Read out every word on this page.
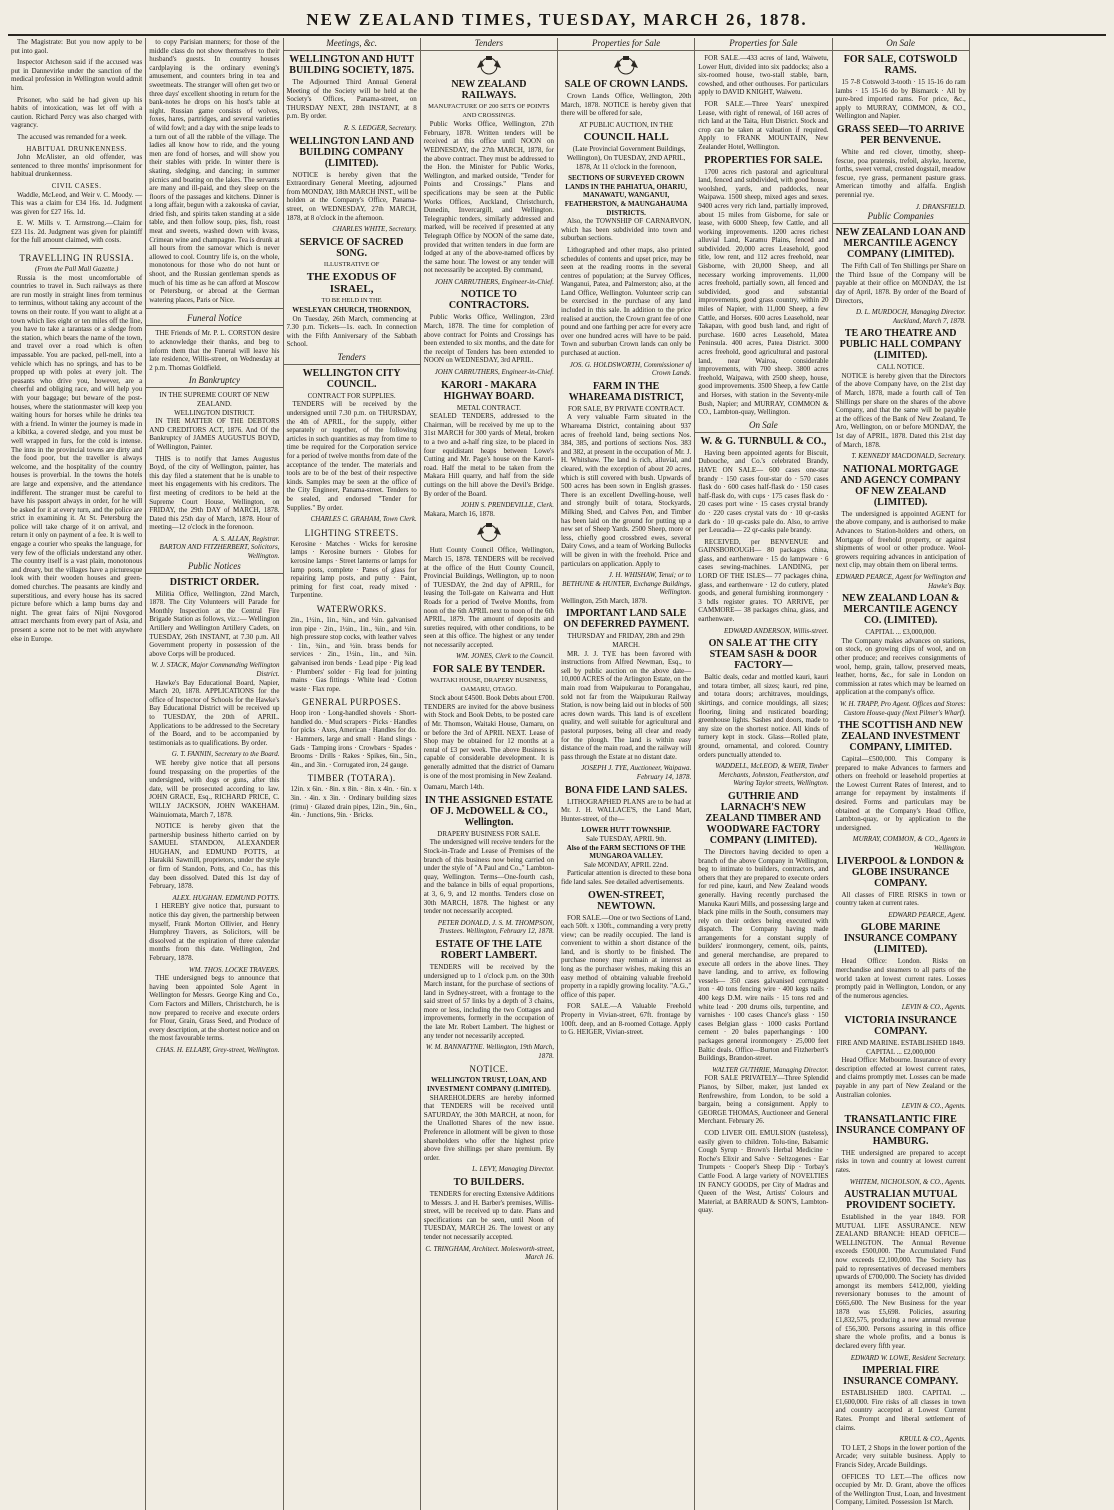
NEW ZEALAND TIMES, TUESDAY, MARCH 26, 1878.

The Magistrate: But you now apply to be put into gaol.

Inspector Atcheson said if the accused was put in Dannevirke under the sanction of the medical profession in Wellington would admit him.

Prisoner, who said he had given up his habits of intoxication, was let off with a caution. Richard Percy was also charged with vagrancy.

The accused was remanded for a week.

HABITUAL DRUNKENNESS.

John McAlister, an old offender, was sentenced to three months' imprisonment for habitual drunkenness.

CIVIL CASES.

Waddle, McLeod, and Weir v. C. Moody. —This was a claim for £34 16s. 1d. Judgment was given for £27 16s. 1d.

E. W. Mills v. T. Armstrong.—Claim for £23 11s. 2d. Judgment was given for plaintiff for the full amount claimed, with costs.

TRAVELLING IN RUSSIA.
(From the Pall Mall Gazette.)

Russia is the most uncomfortable of countries to travel in. Such railways as there are run mostly in straight lines from terminus to terminus, without taking any account of the towns on their route. If you want to alight at a town which lies eight or ten miles off the line, you have to take a tarantass or a sledge from the station, which bears the name of the town, and travel over a road which is often impassable. You are packed, pell-mell, into a vehicle which has no springs, and has to be propped up with poles at every jolt. The peasants who drive you, however, are a cheerful and obliging race, and will help you with your baggage; but beware of the post-houses, where the stationmaster will keep you waiting hours for horses while he drinks tea with a friend. In winter the journey is made in a kibitka, a covered sledge, and you must be well wrapped in furs, for the cold is intense. The inns in the provincial towns are dirty and the food poor, but the traveller is always welcome, and the hospitality of the country houses is proverbial. In the towns the hotels are large and expensive, and the attendance indifferent. The stranger must be careful to have his passport always in order, for he will be asked for it at every turn, and the police are strict in examining it. At St. Petersburg the police will take charge of it on arrival, and return it only on payment of a fee. It is well to engage a courier who speaks the language, for very few of the officials understand any other. The country itself is a vast plain, monotonous and dreary, but the villages have a picturesque look with their wooden houses and green-domed churches. The peasants are kindly and superstitious, and every house has its sacred picture before which a lamp burns day and night. The great fairs of Nijni Novgorod attract merchants from every part of Asia, and present a scene not to be met with anywhere else in Europe.

to copy Parisian manners; for those of the middle class do not show themselves to their husband's guests. In country houses cardplaying is the ordinary evening's amusement, and counters bring in tea and sweetmeats. The stranger will often get two or three days' excellent shooting in return for the bank-notes he drops on his host's table at night. Russian game consists of wolves, foxes, hares, partridges, and several varieties of wild fowl; and a day with the snipe leads to a turn out of all the rabble of the village. The ladies all know how to ride, and the young men are fond of horses, and will show you their stables with pride. In winter there is skating, sledging, and dancing; in summer picnics and boating on the lakes. The servants are many and ill-paid, and they sleep on the floors of the passages and kitchens. Dinner is a long affair, begun with a zakouska of caviar, dried fish, and spirits taken standing at a side table, and then follow soup, pies, fish, roast meat and sweets, washed down with kvass, Crimean wine and champagne. Tea is drunk at all hours from the samovar which is never allowed to cool. Country life is, on the whole, monotonous for those who do not hunt or shoot, and the Russian gentleman spends as much of his time as he can afford at Moscow or Petersburg, or abroad at the German watering places, Paris or Nice.

Funeral Notice

THE Friends of Mr. P. L. CORSTON desire to acknowledge their thanks, and beg to inform them that the Funeral will leave his late residence, Willis-street, on Wednesday at 2 p.m. Thomas Goldfield.

In Bankruptcy
IN THE SUPREME COURT OF NEW ZEALAND.
WELLINGTON DISTRICT.

IN THE MATTER OF THE DEBTORS AND CREDITORS ACT, 1876. And Of the Bankruptcy of JAMES AUGUSTUS BOYD, of Wellington, Painter.

THIS is to notify that James Augustus Boyd, of the city of Wellington, painter, has this day filed a statement that he is unable to meet his engagements with his creditors. The first meeting of creditors to be held at the Supreme Court House, Wellington, on FRIDAY, the 29th DAY of MARCH, 1878. Dated this 25th day of March, 1878. Hour of meeting—12 o'clock in the forenoon.

A. S. ALLAN, Registrar.
BARTON AND FITZHERBERT, Solicitors, Wellington.
Public Notices
DISTRICT ORDER.

Militia Office, Wellington, 22nd March, 1878. The City Volunteers will Parade for Monthly Inspection at the Central Fire Brigade Station as follows, viz.:— Wellington Artillery and Wellington Artillery Cadets, on TUESDAY, 26th INSTANT, at 7.30 p.m. All Government property in possession of the above Corps will be produced.

W. J. STACK, Major Commanding Wellington District.

Hawke's Bay Educational Board, Napier, March 20, 1878. APPLICATIONS for the office of Inspector of Schools for the Hawke's Bay Educational District will be received up to TUESDAY, the 20th of APRIL. Applications to be addressed to the Secretary of the Board, and to be accompanied by testimonials as to qualifications. By order.

G. T. FANNIN, Secretary to the Board.

WE hereby give notice that all persons found trespassing on the properties of the undersigned, with dogs or guns, after this date, will be prosecuted according to law. JOHN GRACE, Esq., RICHARD PRICE, C. WILLY JACKSON, JOHN WAKEHAM. Wainuiomata, March 7, 1878.

NOTICE is hereby given that the partnership business hitherto carried on by SAMUEL STANDON, ALEXANDER HUGHAN, and EDMUND POTTS, at Harakiki Sawmill, proprietors, under the style or firm of Standon, Potts, and Co., has this day been dissolved. Dated this 1st day of February, 1878.

ALEX. HUGHAN. EDMUND POTTS.

I HEREBY give notice that, pursuant to notice this day given, the partnership between myself, Frank Morton Ollivier, and Henry Humphrey Travers, as Solicitors, will be dissolved at the expiration of three calendar months from this date. Wellington, 2nd February, 1878.

WM. THOS. LOCKE TRAVERS.

THE undersigned begs to announce that having been appointed Sole Agent in Wellington for Messrs. George King and Co., Corn Factors and Millers, Christchurch, he is now prepared to receive and execute orders for Flour, Grain, Grass Seed, and Produce of every description, at the shortest notice and on the most favourable terms.

CHAS. H. ELLABY, Grey-street, Wellington.
Meetings, &c.
WELLINGTON AND HUTT BUILDING SOCIETY, 1875.

The Adjourned Third Annual General Meeting of the Society will be held at the Society's Offices, Panama-street, on THURSDAY NEXT, 28th INSTANT, at 8 p.m. By order.

R. S. LEDGER, Secretary.
WELLINGTON LAND AND BUILDING COMPANY (LIMITED).

NOTICE is hereby given that the Extraordinary General Meeting, adjourned from MONDAY, 18th MARCH INST., will be holden at the Company's Office, Panama-street, on WEDNESDAY, 27th MARCH, 1878, at 8 o'clock in the afternoon.

CHARLES WHITE, Secretary.
SERVICE OF SACRED SONG.
ILLUSTRATIVE OF
THE EXODUS OF ISRAEL,
TO BE HELD IN THE
WESLEYAN CHURCH, THORNDON,

On Tuesday, 26th March, commencing at 7.30 p.m. Tickets—1s. each. In connection with the Fifth Anniversary of the Sabbath School.

Tenders
WELLINGTON CITY COUNCIL.
CONTRACT FOR SUPPLIES.

TENDERS will be received by the undersigned until 7.30 p.m. on THURSDAY, the 4th of APRIL, for the supply, either separately or together, of the following articles in such quantities as may from time to time be required for the Corporation service for a period of twelve months from date of the acceptance of the tender. The materials and tools are to be of the best of their respective kinds. Samples may be seen at the office of the City Engineer, Panama-street. Tenders to be sealed, and endorsed "Tender for Supplies." By order.

CHARLES C. GRAHAM, Town Clerk.
LIGHTING STREETS.

Kerosine · Matches · Wicks for kerosine lamps · Kerosine burners · Globes for kerosine lamps · Street lanterns or lamps for lamp posts, complete · Panes of glass for repairing lamp posts, and putty · Paint, priming for first coat, ready mixed · Turpentine.

WATERWORKS.

2in., 1½in., 1in., ¾in., and ½in. galvanised iron pipe · 2in., 1½in., 1in., ¾in., and ½in. high pressure stop cocks, with leather valves · 1in., ¾in., and ½in. brass bends for services · 2in., 1½in., 1in., and ¾in. galvanised iron bends · Lead pipe · Pig lead · Plumbers' solder · Fig lead for jointing mains · Gas fittings · White lead · Cotton waste · Flax rope.

GENERAL PURPOSES.

Hoop iron · Long-handled shovels · Short-handled do. · Mud scrapers · Picks · Handles for picks · Axes, American · Handles for do. · Hammers, large and small · Hand slings · Gads · Tamping irons · Crowbars · Spades · Brooms · Drills · Rakes · Spikes, 6in., 5in., 4in., and 3in. · Corrugated iron, 24 gauge.

TIMBER (TOTARA).

12in. x 6in. · 8in. x 8in. · 8in. x 4in. · 6in. x 3in. · 4in. x 3in. · Ordinary building sizes (rimu) · Glazed drain pipes, 12in., 9in., 6in., 4in. · Junctions, 9in. · Bricks.

Tenders
NEW ZEALAND RAILWAYS.
MANUFACTURE OF 200 SETS OF POINTS AND CROSSINGS.

Public Works Office, Wellington, 27th February, 1878. Written tenders will be received at this office until NOON on WEDNESDAY, the 27th MARCH, 1878, for the above contract. They must be addressed to the Hon. the Minister for Public Works, Wellington, and marked outside, "Tender for Points and Crossings." Plans and specifications may be seen at the Public Works Offices, Auckland, Christchurch, Dunedin, Invercargill, and Wellington. Telegraphic tenders, similarly addressed and marked, will be received if presented at any Telegraph Office by NOON of the same date, provided that written tenders in due form are lodged at any of the above-named offices by the same hour. The lowest or any tender will not necessarily be accepted. By command,

JOHN CARRUTHERS, Engineer-in-Chief.
NOTICE TO CONTRACTORS.

Public Works Office, Wellington, 23rd March, 1878. The time for completion of above contract for Points and Crossings has been extended to six months, and the date for the receipt of Tenders has been extended to NOON on WEDNESDAY, 3rd APRIL.

JOHN CARRUTHERS, Engineer-in-Chief.
KARORI - MAKARA HIGHWAY BOARD.
METAL CONTRACT.

SEALED TENDERS, addressed to the Chairman, will be received by me up to the 31st MARCH for 300 yards of Metal, broken to a two and a-half ring size, to be placed in four equidistant heaps between Lowe's Cutting and Mr. Page's house on the Karori-road. Half the metal to be taken from the Makara Hill quarry, and half from the side cuttings on the hill above the Devil's Bridge. By order of the Board.

JOHN S. PRENDEVILLE, Clerk.
Makara, March 16, 1878.

Hutt County Council Office, Wellington, March 15, 1878. TENDERS will be received at the office of the Hutt County Council, Provincial Buildings, Wellington, up to noon of TUESDAY, the 2nd day of APRIL, for leasing the Toll-gate on Kaiwarra and Hutt Roads for a period of Twelve Months, from noon of the 6th APRIL next to noon of the 6th APRIL, 1879. The amount of deposits and sureties required, with other conditions, to be seen at this office. The highest or any tender not necessarily accepted.

WM. JONES, Clerk to the Council.
FOR SALE BY TENDER.
WAITAKI HOUSE, DRAPERY BUSINESS, OAMARU, OTAGO.

Stock about £4500. Book Debts about £700. TENDERS are invited for the above business with Stock and Book Debts, to be posted care of Mr. Thomson, Waitaki House, Oamaru, on or before the 3rd of APRIL NEXT. Lease of Shop may be obtained for 12 months at a rental of £3 per week. The above Business is capable of considerable development. It is generally admitted that the district of Oamaru is one of the most promising in New Zealand.

Oamaru, March 14th.
IN THE ASSIGNED ESTATE OF J. McDOWELL & CO., Wellington.
DRAPERY BUSINESS FOR SALE.

The undersigned will receive tenders for the Stock-in-Trade and Lease of Premises of the branch of this business now being carried on under the style of "A Paul and Co.," Lambton-quay, Wellington. Terms—One-fourth cash, and the balance in bills of equal proportions, at 3, 6, 9, and 12 months. Tenders close on 30th MARCH, 1878. The highest or any tender not necessarily accepted.

PETER DONALD, J. S. M. THOMPSON, Trustees. Wellington, February 12, 1878.
ESTATE OF THE LATE ROBERT LAMBERT.

TENDERS will be received by the undersigned up to 1 o'clock p.m. on the 30th March instant, for the purchase of sections of land in Sydney-street, with a frontage to the said street of 57 links by a depth of 3 chains, more or less, including the two Cottages and improvements, formerly in the occupation of the late Mr. Robert Lambert. The highest or any tender not necessarily accepted.

W. M. BANNATYNE. Wellington, 19th March, 1878.
NOTICE.
WELLINGTON TRUST, LOAN, AND INVESTMENT COMPANY (LIMITED).

SHAREHOLDERS are hereby informed that TENDERS will be received until SATURDAY, the 30th MARCH, at noon, for the Unallotted Shares of the new issue. Preference in allotment will be given to those shareholders who offer the highest price above five shillings per share premium. By order.

L. LEVY, Managing Director.
TO BUILDERS.

TENDERS for erecting Extensive Additions to Messrs. J. and H. Barber's premises, Willis-street, will be received up to date. Plans and specifications can be seen, until Noon of TUESDAY, MARCH 26. The lowest or any tender not necessarily accepted.

C. TRINGHAM, Architect. Molesworth-street, March 16.
Properties for Sale
SALE OF CROWN LANDS.

Crown Lands Office, Wellington, 20th March, 1878. NOTICE is hereby given that there will be offered for sale,

AT PUBLIC AUCTION, IN THE
COUNCIL HALL

(Late Provincial Government Buildings, Wellington), On TUESDAY, 2ND APRIL, 1878, At 11 o'clock in the forenoon,

SECTIONS OF SURVEYED CROWN LANDS IN THE PAHIATUA, OHARIU, MANAWATU, WANGANUI, FEATHERSTON, & MAUNGAHAUMA DISTRICTS.

Also, the TOWNSHIP OF CARNARVON, which has been subdivided into town and suburban sections.

Lithographed and other maps, also printed schedules of contents and upset price, may be seen at the reading rooms in the several centres of population; at the Survey Offices, Wanganui, Patea, and Palmerston; also, at the Land Office, Wellington. Volunteer scrip can be exercised in the purchase of any land included in this sale. In addition to the price realised at auction, the Crown grant fee of one pound and one farthing per acre for every acre over one hundred acres will have to be paid. Town and suburban Crown lands can only be purchased at auction.

JOS. G. HOLDSWORTH, Commissioner of Crown Lands.
FARM IN THE WHAREAMA DISTRICT,
FOR SALE, BY PRIVATE CONTRACT.

A very valuable Farm situated in the Whareama District, containing about 937 acres of freehold land, being sections Nos. 384, 385, and portions of sections Nos. 383 and 382, at present in the occupation of Mr. J. H. Whitshaw. The land is rich, alluvial, and cleared, with the exception of about 20 acres, which is still covered with bush. Upwards of 500 acres has been sown in English grasses. There is an excellent Dwelling-house, well and strongly built of totara, Stockyards, Milking Shed, and Calves Pen, and Timber has been laid on the ground for putting up a new set of Sheep Yards. 2500 Sheep, more or less, chiefly good crossbred ewes, several Dairy Cows, and a team of Working Bullocks will be given in with the freehold. Price and particulars on application. Apply to

J. H. WHISHAW, Tenui; or to
BETHUNE & HUNTER, Exchange Buildings, Wellington.
Wellington, 25th March, 1878.
IMPORTANT LAND SALE ON DEFERRED PAYMENT.
THURSDAY and FRIDAY, 28th and 29th MARCH.

MR. J. J. TYE has been favored with instructions from Alfred Newman, Esq., to sell by public auction on the above date— 10,000 ACRES of the Arlington Estate, on the main road from Waipukurau to Porangahau, sold not far from the Waipukurau Railway Station, is now being laid out in blocks of 500 acres down wards. This land is of excellent quality, and well suitable for agricultural and pastoral purposes, being all clear and ready for the plough. The land is within easy distance of the main road, and the railway will pass through the Estate at no distant date.

JOSEPH J. TYE, Auctioneer, Waipawa. February 14, 1878.
BONA FIDE LAND SALES.

LITHOGRAPHED PLANS are to be had at Mr. J. H. WALLACE'S, the Land Mart, Hunter-street, of the—

LOWER HUTT TOWNSHIP.
Sale TUESDAY, APRIL 9th.
Also of the FARM SECTIONS OF THE MUNGAROA VALLEY.
Sale MONDAY, APRIL 22nd.

Particular attention is directed to these bona fide land sales. See detailed advertisements.

OWEN-STREET, NEWTOWN.

FOR SALE.—One or two Sections of Land, each 50ft. x 130ft., commanding a very pretty view; can be readily occupied. The land is convenient to within a short distance of the land, and is shortly to be finished. The purchase money may remain at interest as long as the purchaser wishes, making this an easy method of obtaining valuable freehold property in a rapidly growing locality. "A.G.," office of this paper.

FOR SALE.—A Valuable Freehold Property in Vivian-street, 67ft. frontage by 100ft. deep, and an 8-roomed Cottage. Apply to G. HEIGER, Vivian-street.

Properties for Sale

FOR SALE.—433 acres of land, Waiwetu, Lower Hutt, divided into six paddocks; also a six-roomed house, two-stall stable, barn, cowshed, and other outhouses. For particulars apply to DAVID KNIGHT, Waiwetu.

FOR SALE.—Three Years' unexpired Lease, with right of renewal, of 160 acres of rich land at the Taita, Hutt District. Stock and crop can be taken at valuation if required. Apply to FRANK MOUNTAIN, New Zealander Hotel, Wellington.

PROPERTIES FOR SALE.

1700 acres rich pastoral and agricultural land, fenced and subdivided, with good house, woolshed, yards, and paddocks, near Waipawa. 1500 sheep, mixed ages and sexes. 9400 acres very rich land, partially improved, about 15 miles from Gisborne, for sale or lease, with 6000 Sheep, few Cattle, and all working improvements. 1200 acres richest alluvial Land, Karamu Plains, fenced and subdivided. 20,000 acres Leasehold, good title, low rent, and 112 acres freehold, near Gisborne, with 20,000 Sheep, and all necessary working improvements. 11,000 acres freehold, partially sown, all fenced and subdivided, good and substantial improvements, good grass country, within 20 miles of Napier, with 11,000 Sheep, a few Cattle, and Horses. 600 acres Leasehold, near Takapau, with good bush land, and right of purchase. 1600 acres Leasehold, Matea Peninsula. 400 acres, Patea District. 3000 acres freehold, good agricultural and pastoral land, near Wairoa, considerable improvements, with 700 sheep. 3800 acres freehold, Waipawa, with 2500 sheep, house, good improvements. 3500 Sheep, a few Cattle and Horses, with station in the Seventy-mile Bush, Napier; and MURRAY, COMMON & CO., Lambton-quay, Wellington.

On Sale
W. & G. TURNBULL & CO.,

Having been appointed agents for Biscuit, Dubouche, and Co.'s celebrated Brandy, HAVE ON SALE— 600 cases one-star brandy · 150 cases four-star do · 570 cases flask do · 600 cases half-flask do · 150 cases half-flask do, with cups · 175 cases flask do · 20 cases port wine · 15 cases crystal brandy do · 220 cases crystal vats do · 10 qr-casks dark do · 10 qr-casks pale do. Also, to arrive per Leucadia— 22 qr-casks pale brandy.

RECEIVED, per BENVENUE and GAINSBOROUGH— 80 packages china, glass, and earthenware · 15 do lampware · 6 cases sewing-machines. LANDING, per LORD OF THE ISLES— 77 packages china, glass, and earthenware · 12 do cutlery, plated goods, and general furnishing ironmongery · 3 bdls register grates. TO ARRIVE, per CAMMORE— 38 packages china, glass, and earthenware.

EDWARD ANDERSON, Willis-street.
ON SALE AT THE CITY STEAM SASH & DOOR FACTORY—

Baltic deals, cedar and mottled kauri, kauri and totara timber, all sizes; kauri, red pine, and totara doors; architraves, mouldings, skirtings, and cornice mouldings, all sizes; flooring, lining and rusticated boarding; greenhouse lights. Sashes and doors, made to any size on the shortest notice. All kinds of turnery kept in stock. Glass—Rolled plate, ground, ornamental, and colored. Country orders punctually attended to.

WADDELL, McLEOD, & WEIR, Timber Merchants, Johnston, Featherston, and Waring Taylor streets, Wellington.
GUTHRIE AND LARNACH'S NEW ZEALAND TIMBER AND WOODWARE FACTORY COMPANY (LIMITED).

The Directors having decided to open a branch of the above Company in Wellington, beg to intimate to builders, contractors, and others that they are prepared to execute orders for red pine, kauri, and New Zealand woods generally. Having recently purchased the Manuka Kauri Mills, and possessing large and black pine mills in the South, consumers may rely on their orders being executed with dispatch. The Company having made arrangements for a constant supply of builders' ironmongery, cement, oils, paints, and general merchandise, are prepared to execute all orders in the above lines. They have landing, and to arrive, ex following vessels— 350 cases galvanised corrugated iron · 40 tons fencing wire · 400 kegs nails · 400 kegs D.M. wire nails · 15 tons red and white lead · 200 drums oils, turpentine, and varnishes · 100 cases Chance's glass · 150 cases Belgian glass · 1000 casks Portland cement · 20 bales paperhangings · 100 packages general ironmongery · 25,000 feet Baltic deals. Office—Burton and Fitzherbert's Buildings, Brandon-street.

WALTER GUTHRIE, Managing Director.

FOR SALE PRIVATELY—Three Splendid Pianos, by Silber, maker, just landed ex Renfrewshire, from London, to be sold a bargain, being a consignment. Apply to GEORGE THOMAS, Auctioneer and General Merchant. February 26.

COD LIVER OIL EMULSION (tasteless), easily given to children. Tolu-tine, Balsamic Cough Syrup · Brown's Herbal Medicine · Roche's Elixir and Salve · Seltzogenes · Ear Trumpets · Cooper's Sheep Dip · Torbay's Cattle Food. A large variety of NOVELTIES IN FANCY GOODS, per City of Madras and Queen of the West, Artists' Colours and Material, at BARRAUD & SON'S, Lambton-quay.

On Sale
FOR SALE, COTSWOLD RAMS.

15 7-8 Cotswold 3-tooth · 15 15-16 do ram lambs · 15 15-16 do by Bismarck · All by pure-bred imported rams. For price, &c., apply to MURRAY, COMMON, & CO., Wellington and Napier.

GRASS SEED—TO ARRIVE PER BENVENUE.

White and red clover, timothy, sheep-fescue, poa pratensis, trefoil, alsyke, lucerne, forths, sweet vernal, crested dogstail, meadow fescue, rye grass, permanent pasture grass. American timothy and alfalfa. English perennial rye.

J. DRANSFIELD.
Public Companies
NEW ZEALAND LOAN AND MERCANTILE AGENCY COMPANY (LIMITED).

The Fifth Call of Ten Shillings per Share on the Third Issue of the Company will be payable at their office on MONDAY, the 1st day of April, 1878. By order of the Board of Directors,

D. L. MURDOCH, Managing Director. Auckland, March 7, 1878.
TE ARO THEATRE AND PUBLIC HALL COMPANY (LIMITED).
CALL NOTICE.

NOTICE is hereby given that the Directors of the above Company have, on the 21st day of March, 1878, made a fourth call of Ten Shillings per share on the shares of the above Company, and that the same will be payable at the offices of the Bank of New Zealand, Te Aro, Wellington, on or before MONDAY, the 1st day of APRIL, 1878. Dated this 21st day of March, 1878.

T. KENNEDY MACDONALD, Secretary.
NATIONAL MORTGAGE AND AGENCY COMPANY OF NEW ZEALAND (LIMITED).

The undersigned is appointed AGENT for the above company, and is authorised to make Advances to Station-holders and others, on Mortgage of freehold property, or against shipments of wool or other produce. Wool-growers requiring advances in anticipation of next clip, may obtain them on liberal terms.

EDWARD PEARCE, Agent for Wellington and Hawke's Bay.
NEW ZEALAND LOAN & MERCANTILE AGENCY CO. (LIMITED).
CAPITAL ... £3,000,000.

The Company makes advances on stations, on stock, on growing clips of wool, and on other produce; and receives consignments of wool, hemp, grain, tallow, preserved meats, leather, horns, &c., for sale in London on commission at rates which may be learned on application at the company's office.

W. H. TRAPP, Pro Agent. Offices and Stores: Custom House-quay (Next Pilmer's Wharf).
THE SCOTTISH AND NEW ZEALAND INVESTMENT COMPANY, LIMITED.

Capital—£500,000. This Company is prepared to make Advances to farmers and others on freehold or leasehold properties at the Lowest Current Rates of Interest, and to arrange for repayment by instalments if desired. Forms and particulars may be obtained at the Company's Head Office, Lambton-quay, or by application to the undersigned.

MURRAY, COMMON, & CO., Agents in Wellington.
LIVERPOOL & LONDON & GLOBE INSURANCE COMPANY.

All classes of FIRE RISKS in town or country taken at current rates.

EDWARD PEARCE, Agent.
GLOBE MARINE INSURANCE COMPANY (LIMITED).

Head Office: London. Risks on merchandise and steamers to all parts of the world taken at lowest current rates. Losses promptly paid in Wellington, London, or any of the numerous agencies.

LEVIN & CO., Agents.
VICTORIA INSURANCE COMPANY.
FIRE AND MARINE. ESTABLISHED 1849.
CAPITAL ... £2,000,000

Head Office: Melbourne. Insurance of every description effected at lowest current rates, and claims promptly met. Losses can be made payable in any part of New Zealand or the Australian colonies.

LEVIN & CO., Agents.
TRANSATLANTIC FIRE INSURANCE COMPANY OF HAMBURG.

THE undersigned are prepared to accept risks in town and country at lowest current rates.

WHITEM, NICHOLSON, & CO., Agents.
AUSTRALIAN MUTUAL PROVIDENT SOCIETY.

Established in the year 1849. FOR MUTUAL LIFE ASSURANCE. NEW ZEALAND BRANCH: HEAD OFFICE—WELLINGTON. The Annual Revenue exceeds £500,000. The Accumulated Fund now exceeds £2,100,000. The Society has paid to representatives of deceased members upwards of £700,000. The Society has divided amongst its members £412,000, yielding reversionary bonuses to the amount of £665,600. The New Business for the year 1878 was £5,698. Policies, assuring £1,832,575, producing a new annual revenue of £56,300. Persons assuring in this office share the whole profits, and a bonus is declared every fifth year.

EDWARD W. LOWE, Resident Secretary.
IMPERIAL FIRE INSURANCE COMPANY.

ESTABLISHED 1803. CAPITAL ... £1,600,000. Fire risks of all classes in town and country accepted at Lowest Current Rates. Prompt and liberal settlement of claims.

KRULL & CO., Agents.

TO LET, 2 Shops in the lower portion of the Arcade; very suitable business. Apply to Francis Sidey, Arcade Buildings.

OFFICES TO LET.—The offices now occupied by Mr. D. Grant, above the offices of the Wellington Trust, Loan, and Investment Company, Limited. Possession 1st March.
